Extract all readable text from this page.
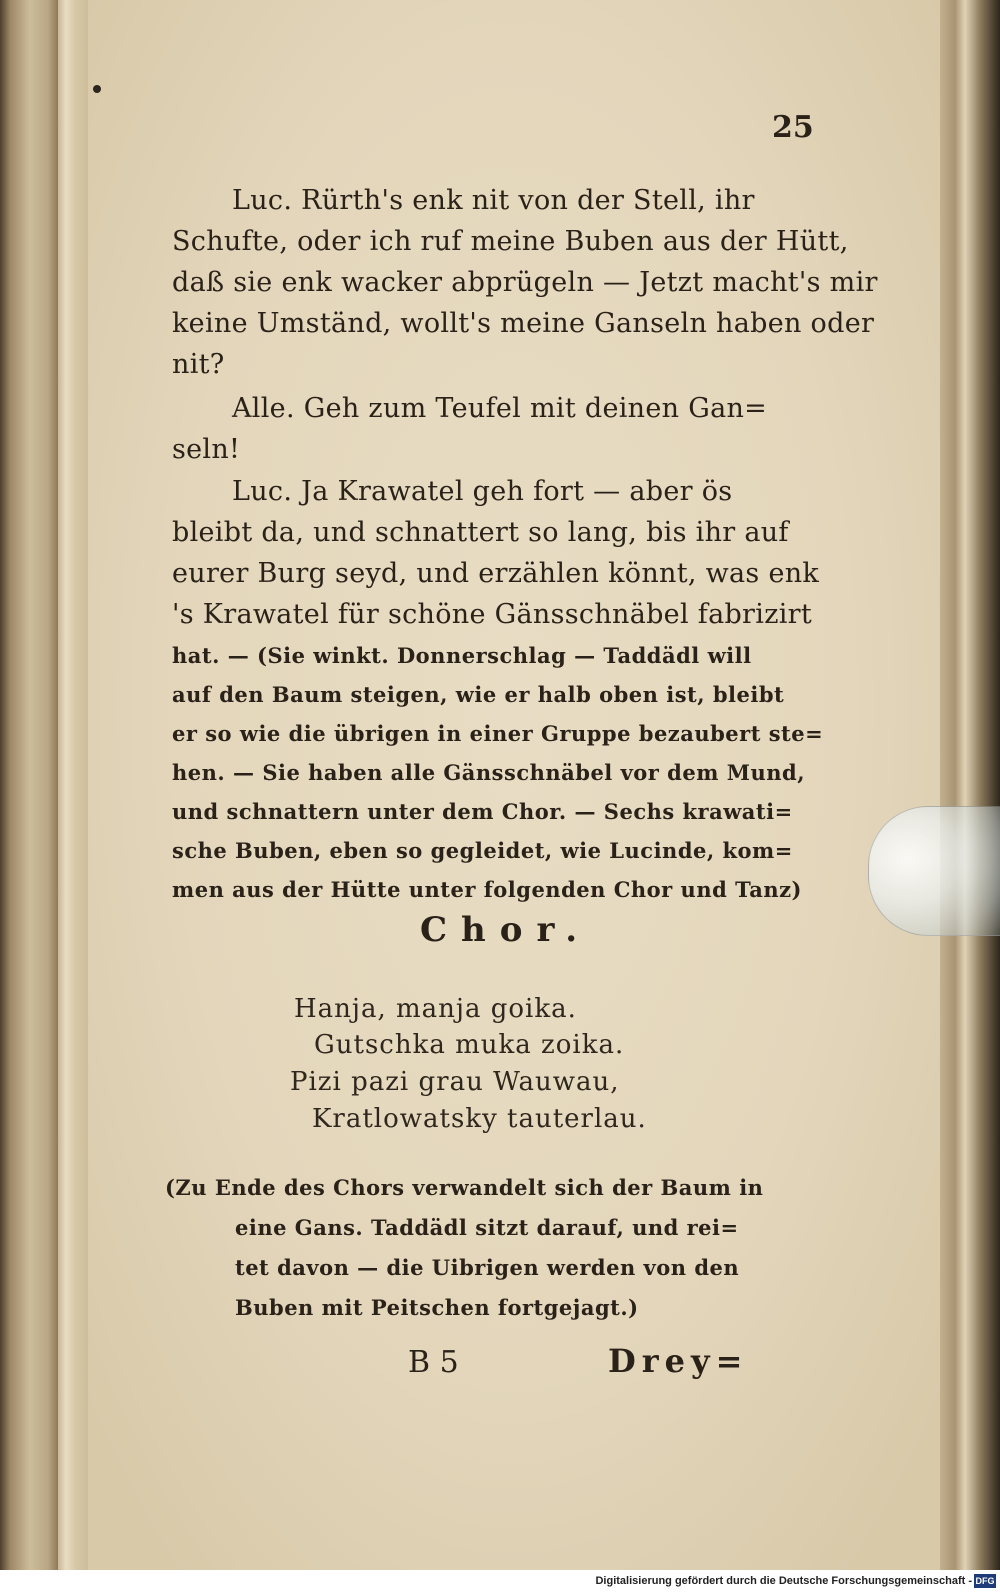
25
Luc. Rürth's enk nit von der Stell, ihr
Schufte, oder ich ruf meine Buben aus der Hütt,
daß sie enk wacker abprügeln — Jetzt macht's mir
keine Umständ, wollt's meine Ganseln haben oder
nit?
Alle. Geh zum Teufel mit deinen Gan=
seln!
Luc. Ja Krawatel geh fort — aber ös
bleibt da, und schnattert so lang, bis ihr auf
eurer Burg seyd, und erzählen könnt, was enk
's Krawatel für schöne Gänsschnäbel fabrizirt
hat. — (Sie winkt. Donnerschlag — Taddädl will
auf den Baum steigen, wie er halb oben ist, bleibt
er so wie die übrigen in einer Gruppe bezaubert ste=
hen. — Sie haben alle Gänsschnäbel vor dem Mund,
und schnattern unter dem Chor. — Sechs krawati=
sche Buben, eben so gegleidet, wie Lucinde, kom=
men aus der Hütte unter folgenden Chor und Tanz)
Chor.
Hanja, manja goika.
Gutschka muka zoika.
Pizi pazi grau Wauwau,
Kratlowatsky tauterlau.
(Zu Ende des Chors verwandelt sich der Baum in
eine Gans. Taddädl sitzt darauf, und rei=
tet davon — die Uibrigen werden von den
Buben mit Peitschen fortgejagt.)
B 5	Drey=
Digitalisierung gefördert durch die Deutsche Forschungsgemeinschaft - DFG
